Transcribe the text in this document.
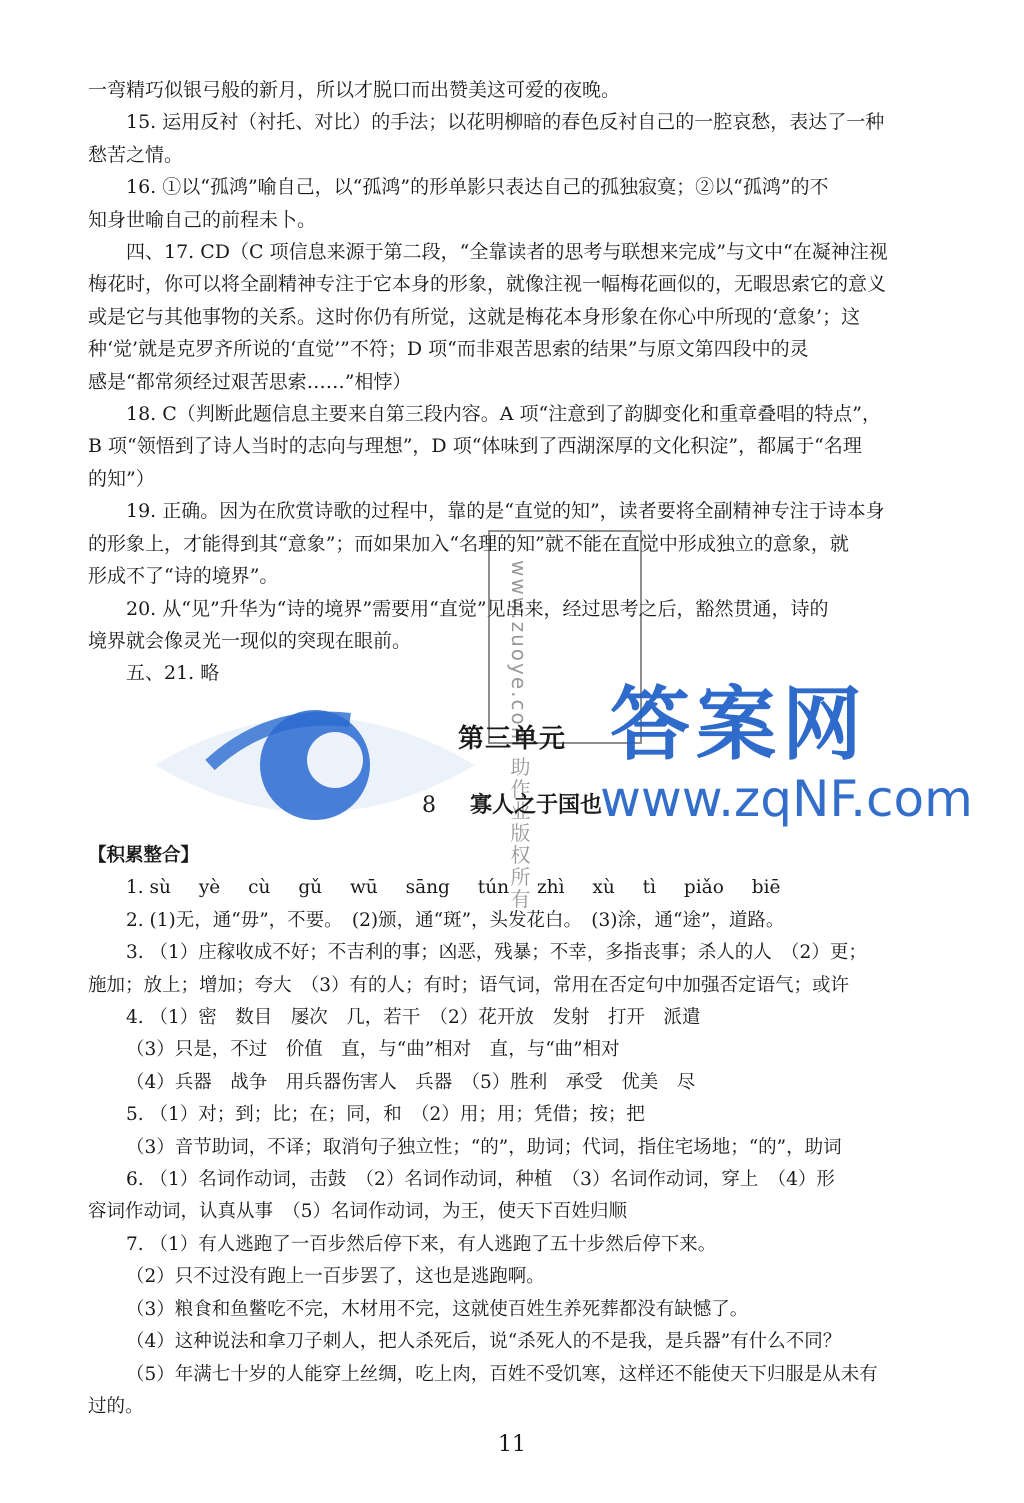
www.zuoye.com 助作业版权所有 答案网
www.zqNF.com

一弯精巧似银弓般的新月，所以才脱口而出赞美这可爱的夜晚。

15. 运用反衬（衬托、对比）的手法；以花明柳暗的春色反衬自己的一腔哀愁，表达了一种

愁苦之情。

16. ①以“孤鸿”喻自己，以“孤鸿”的形单影只表达自己的孤独寂寞；②以“孤鸿”的不

知身世喻自己的前程未卜。

四、17. CD（C 项信息来源于第二段，“全靠读者的思考与联想来完成”与文中“在凝神注视

梅花时，你可以将全副精神专注于它本身的形象，就像注视一幅梅花画似的，无暇思索它的意义

或是它与其他事物的关系。这时你仍有所觉，这就是梅花本身形象在你心中所现的‘意象’；这

种‘觉’就是克罗齐所说的‘直觉’”不符；D 项“而非艰苦思索的结果”与原文第四段中的灵

感是“都常须经过艰苦思索……”相悖）

18. C（判断此题信息主要来自第三段内容。A 项“注意到了韵脚变化和重章叠唱的特点”，

B 项“领悟到了诗人当时的志向与理想”，D 项“体味到了西湖深厚的文化积淀”，都属于“名理

的知”）

19. 正确。因为在欣赏诗歌的过程中，靠的是“直觉的知”，读者要将全副精神专注于诗本身

的形象上，才能得到其“意象”；而如果加入“名理的知”就不能在直觉中形成独立的意象，就

形成不了“诗的境界”。

20. 从“见”升华为“诗的境界”需要用“直觉”见出来，经过思考之后，豁然贯通，诗的

境界就会像灵光一现似的突现在眼前。

五、21. 略

第三单元
8 寡人之于国也

【积累整合】

1. sù yè cù gǔ wū sāng tún zhì xù tì piǎo biē

2. (1)无，通“毋”，不要。　(2)颁，通“斑”，头发花白。　(3)涂，通“途”，道路。

3. （1）庄稼收成不好；不吉利的事；凶恶，残暴；不幸，多指丧事；杀人的人　（2）更；

施加；放上；增加；夸大　（3）有的人；有时；语气词，常用在否定句中加强否定语气；或许

4. （1）密　数目　屡次　几，若干　（2）花开放　发射　打开　派遣

（3）只是，不过　价值　直，与“曲”相对　直，与“曲”相对

（4）兵器　战争　用兵器伤害人　兵器　（5）胜利　承受　优美　尽

5. （1）对；到；比；在；同，和　（2）用；用；凭借；按；把

（3）音节助词，不译；取消句子独立性；“的”，助词；代词，指住宅场地；“的”，助词

6. （1）名词作动词，击鼓　（2）名词作动词，种植　（3）名词作动词，穿上　（4）形

容词作动词，认真从事　（5）名词作动词，为王，使天下百姓归顺

7. （1）有人逃跑了一百步然后停下来，有人逃跑了五十步然后停下来。

（2）只不过没有跑上一百步罢了，这也是逃跑啊。

（3）粮食和鱼鳖吃不完，木材用不完，这就使百姓生养死葬都没有缺憾了。

（4）这种说法和拿刀子刺人，把人杀死后，说“杀死人的不是我，是兵器”有什么不同？

（5）年满七十岁的人能穿上丝绸，吃上肉，百姓不受饥寒，这样还不能使天下归服是从未有

过的。

11
